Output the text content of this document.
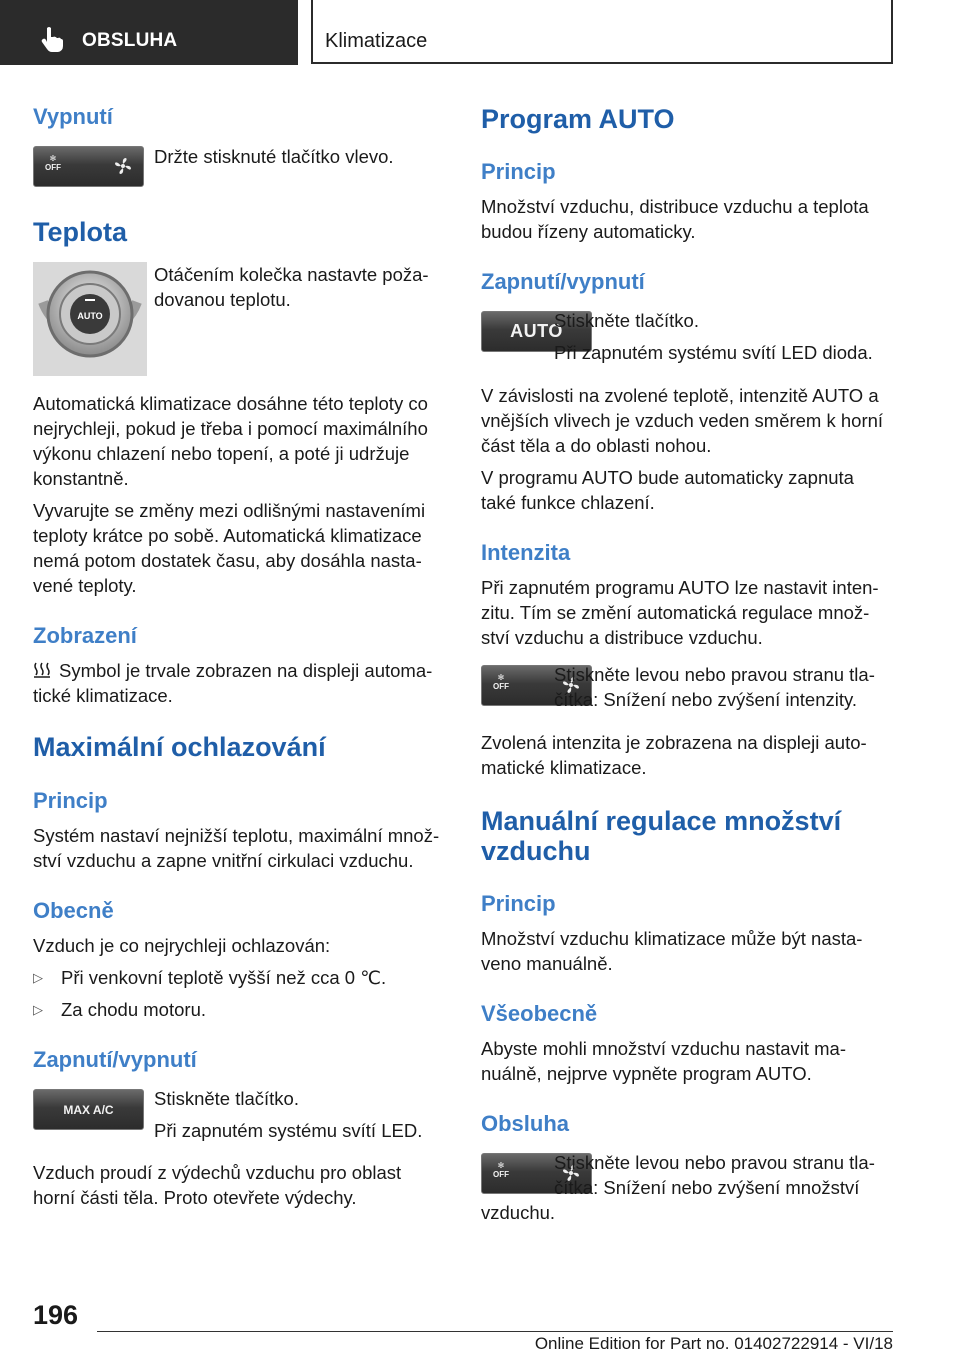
OBSLUHA	Klimatizace
Vypnutí
✻
OFF
Držte stisknuté tlačítko vlevo.
Teplota
AUTO
Otáčením kolečka nastavte poža-
dovanou teplotu.
Automatická klimatizace dosáhne této teploty co
nejrychleji, pokud je třeba i pomocí maximálního
výkonu chlazení nebo topení, a poté ji udržuje
konstantně.
Vyvarujte se změny mezi odlišnými nastaveními
teploty krátce po sobě. Automatická klimatizace
nemá potom dostatek času, aby dosáhla nasta-
vené teploty.
Zobrazení
Symbol je trvale zobrazen na displeji automa-
tické klimatizace.
Maximální ochlazování
Princip
Systém nastaví nejnižší teplotu, maximální množ-
ství vzduchu a zapne vnitřní cirkulaci vzduchu.
Obecně
Vzduch je co nejrychleji ochlazován:
▷ Při venkovní teplotě vyšší než cca 0 ℃.
▷ Za chodu motoru.
Zapnutí/vypnutí
MAX A/C
Stiskněte tlačítko.
Při zapnutém systému svítí LED.
Vzduch proudí z výdechů vzduchu pro oblast
horní části těla. Proto otevřete výdechy.
Program AUTO
Princip
Množství vzduchu, distribuce vzduchu a teplota
budou řízeny automaticky.
Zapnutí/vypnutí
AUTO
Stiskněte tlačítko.
Při zapnutém systému svítí LED dioda.
V závislosti na zvolené teplotě, intenzitě AUTO a
vnějších vlivech je vzduch veden směrem k horní
část těla a do oblasti nohou.
V programu AUTO bude automaticky zapnuta
také funkce chlazení.
Intenzita
Při zapnutém programu AUTO lze nastavit inten-
zitu. Tím se změní automatická regulace množ-
ství vzduchu a distribuce vzduchu.
✻
OFF
Stiskněte levou nebo pravou stranu tla-
čítka: Snížení nebo zvýšení intenzity.
Zvolená intenzita je zobrazena na displeji auto-
matické klimatizace.
Manuální regulace množství
vzduchu
Princip
Množství vzduchu klimatizace může být nasta-
veno manuálně.
Všeobecně
Abyste mohli množství vzduchu nastavit ma-
nuálně, nejprve vypněte program AUTO.
Obsluha
✻
OFF
Stiskněte levou nebo pravou stranu tla-
čítka: Snížení nebo zvýšení množství
vzduchu.
196
Online Edition for Part no. 01402722914 - VI/18
